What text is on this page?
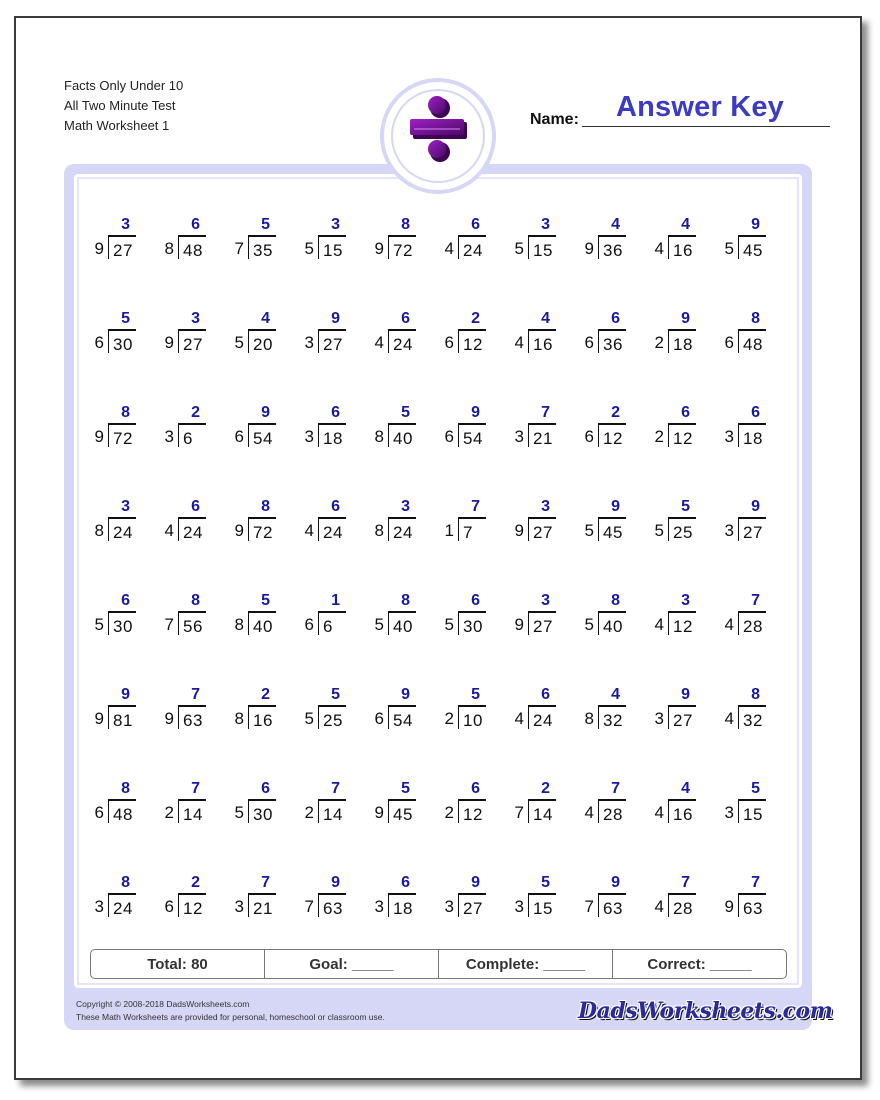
Facts Only Under 10
All Two Minute Test
Math Worksheet 1	Name: Answer Key
3
9 27
6
8 48
5
7 35
3
5 15
8
9 72
6
4 24
3
5 15
4
9 36
4
4 16
9
5 45
5
6 30
3
9 27
4
5 20
9
3 27
6
4 24
2
6 12
4
4 16
6
6 36
9
2 18
8
6 48
8
9 72
2
3 6
9
6 54
6
3 18
5
8 40
9
6 54
7
3 21
2
6 12
6
2 12
6
3 18
3
8 24
6
4 24
8
9 72
6
4 24
3
8 24
7
1 7
3
9 27
9
5 45
5
5 25
9
3 27
6
5 30
8
7 56
5
8 40
1
6 6
8
5 40
6
5 30
3
9 27
8
5 40
3
4 12
7
4 28
9
9 81
7
9 63
2
8 16
5
5 25
9
6 54
5
2 10
6
4 24
4
8 32
9
3 27
8
4 32
8
6 48
7
2 14
6
5 30
7
2 14
5
9 45
6
2 12
2
7 14
7
4 28
4
4 16
5
3 15
8
3 24
2
6 12
7
3 21
9
7 63
6
3 18
9
3 27
5
3 15
9
7 63
7
4 28
7
9 63
Total: 80	Goal: _____	Complete: _____	Correct: _____
Copyright © 2008-2018 DadsWorksheets.com
These Math Worksheets are provided for personal, homeschool or classroom use.	DadsWorksheets.com
